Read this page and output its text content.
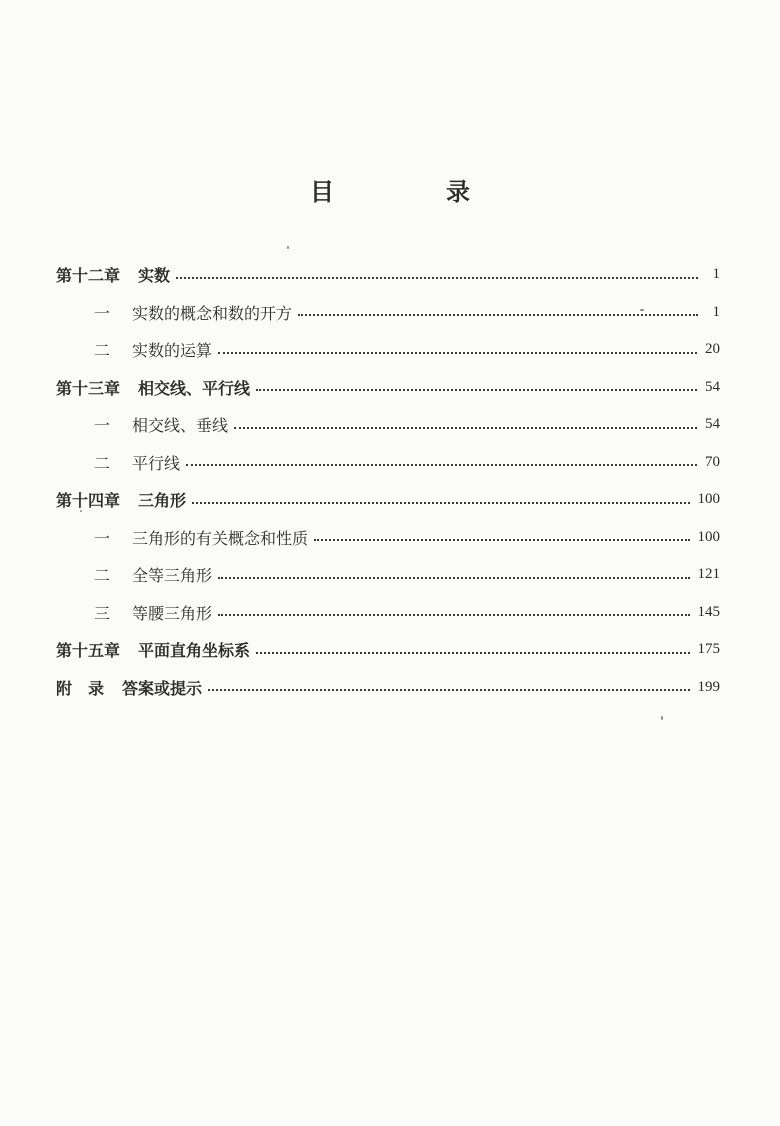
目　录
第十二章 实数	1
一	实数的概念和数的开方	1
二	实数的运算	20
第十三章 相交线、平行线	54
一	相交线、垂线	54
二	平行线	70
第十四章 三角形	100
一	三角形的有关概念和性质	100
二	全等三角形	121
三	等腰三角形	145
第十五章 平面直角坐标系	175
附　录 答案或提示	199
